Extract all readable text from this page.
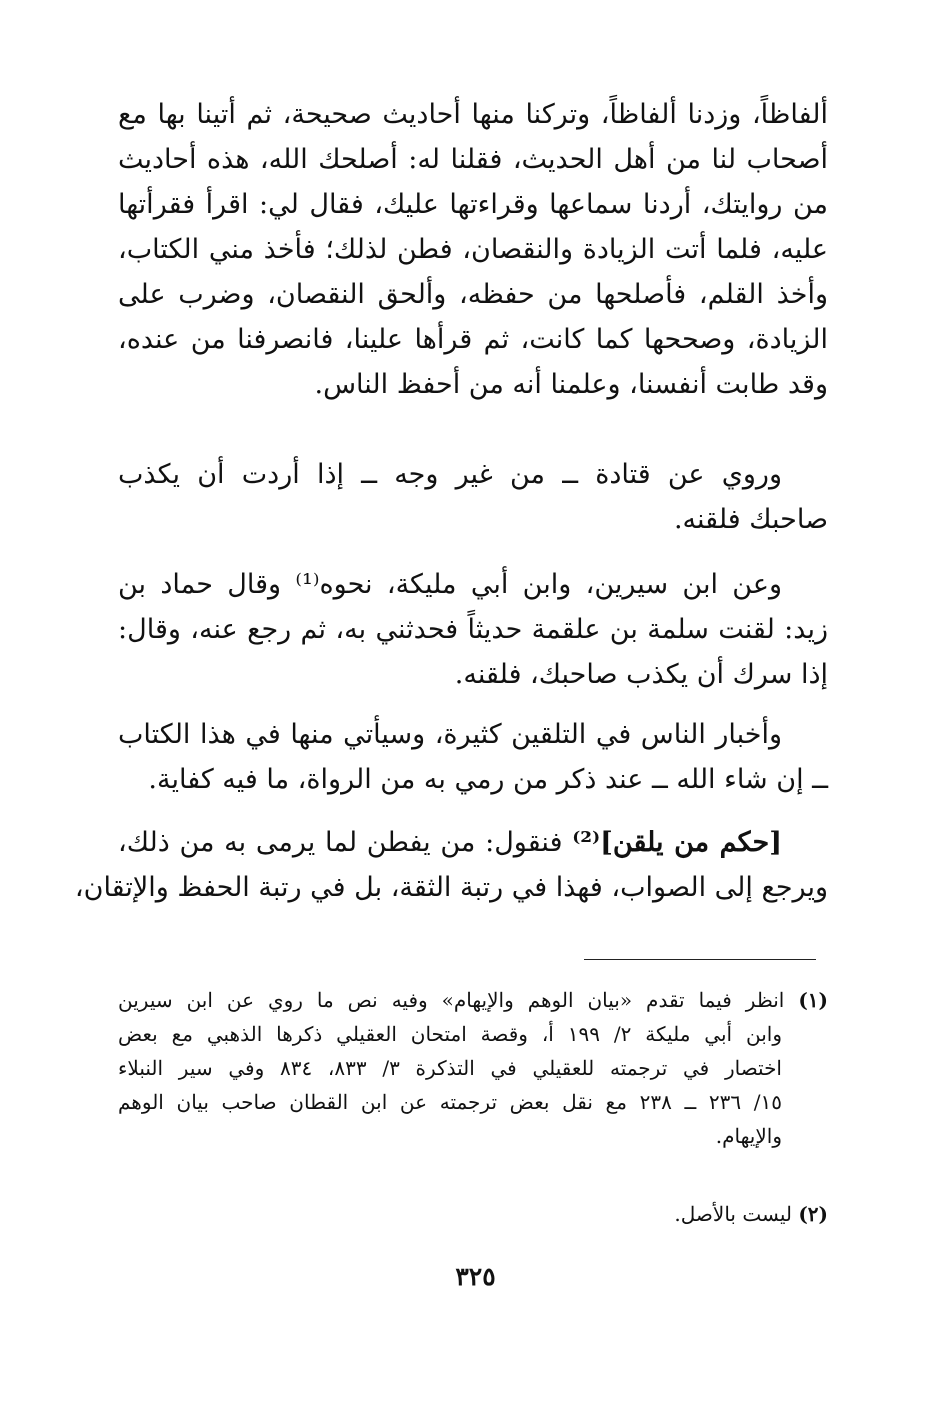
ألفاظاً، وزدنا ألفاظاً، وتركنا منها أحاديث صحيحة، ثم أتينا بها مع
أصحاب لنا من أهل الحديث، فقلنا له: أصلحك الله، هذه أحاديث
من روايتك، أردنا سماعها وقراءتها عليك، فقال لي: اقرأ فقرأتها
عليه، فلما أتت الزيادة والنقصان، فطن لذلك؛ فأخذ مني الكتاب،
وأخذ القلم، فأصلحها من حفظه، وألحق النقصان، وضرب على
الزيادة، وصححها كما كانت، ثم قرأها علينا، فانصرفنا من عنده،
وقد طابت أنفسنا، وعلمنا أنه من أحفظ الناس.
وروي عن قتادة ــ من غير وجه ــ إذا أردت أن يكذب
صاحبك فلقنه.
وعن ابن سيرين، وابن أبي مليكة، نحوه⁽¹⁾ وقال حماد بن
زيد: لقنت سلمة بن علقمة حديثاً فحدثني به، ثم رجع عنه، وقال:
إذا سرك أن يكذب صاحبك، فلقنه.
وأخبار الناس في التلقين كثيرة، وسيأتي منها في هذا الكتاب
ــ إن شاء الله ــ عند ذكر من رمي به من الرواة، ما فيه كفاية.
[حكم من يلقن]⁽²⁾ فنقول: من يفطن لما يرمى به من ذلك،
ويرجع إلى الصواب، فهذا في رتبة الثقة، بل في رتبة الحفظ والإتقان،
(١) انظر فيما تقدم «بيان الوهم والإيهام» وفيه نص ما روي عن ابن سيرين
وابن أبي مليكة ٢/ ١٩٩ أ، وقصة امتحان العقيلي ذكرها الذهبي مع بعض
اختصار في ترجمته للعقيلي في التذكرة ٣/ ٨٣٣، ٨٣٤ وفي سير النبلاء
١٥/ ٢٣٦ ــ ٢٣٨ مع نقل بعض ترجمته عن ابن القطان صاحب بيان الوهم
والإيهام.
(٢) ليست بالأصل.
٣٢٥
